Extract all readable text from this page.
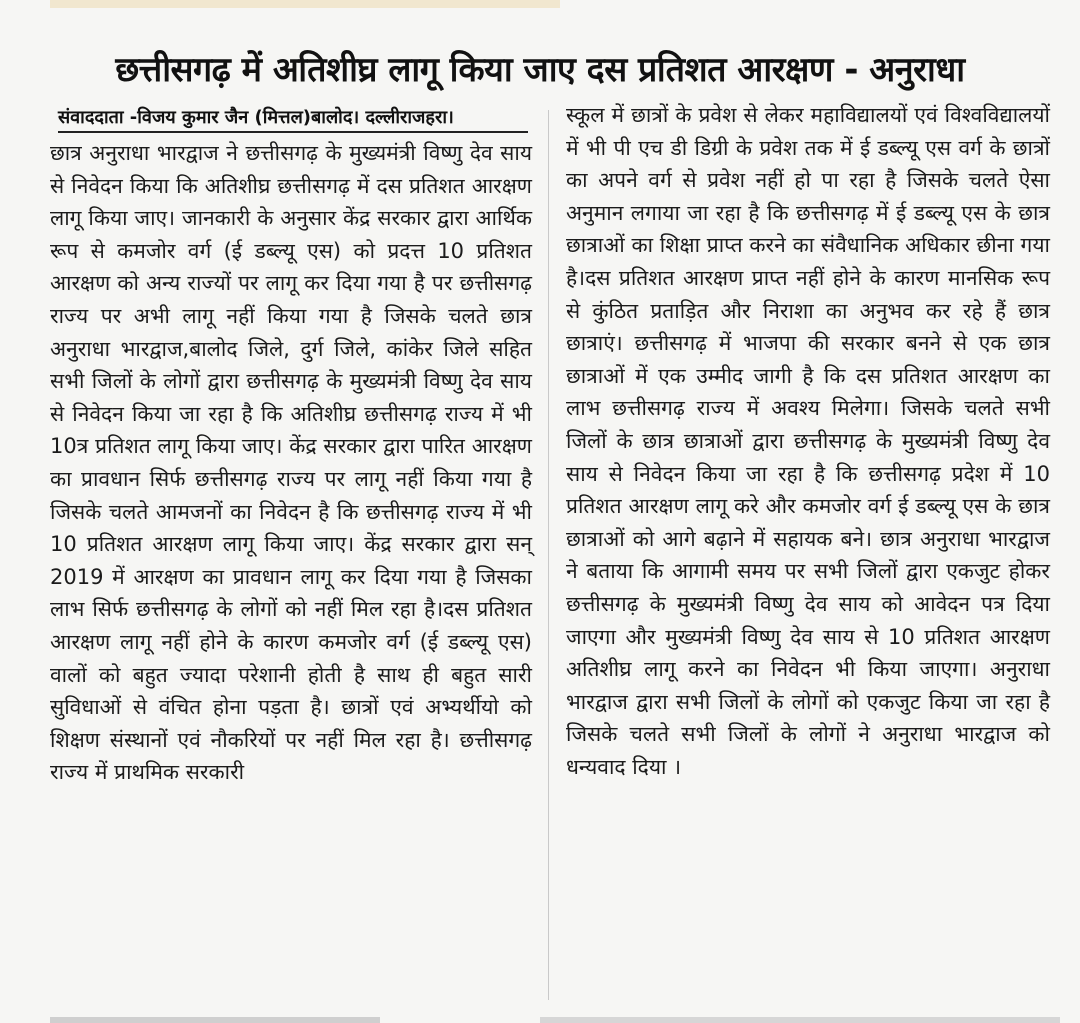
छत्तीसगढ़ में अतिशीघ्र लागू किया जाए दस प्रतिशत आरक्षण - अनुराधा
संवाददाता -विजय कुमार जैन (मित्तल)बालोद। दल्लीराजहरा।
छात्र अनुराधा भारद्वाज ने छत्तीसगढ़ के मुख्यमंत्री विष्णु देव साय से निवेदन किया कि अतिशीघ्र छत्तीसगढ़ में दस प्रतिशत आरक्षण लागू किया जाए। जानकारी के अनुसार केंद्र सरकार द्वारा आर्थिक रूप से कमजोर वर्ग (ई डब्ल्यू एस) को प्रदत्त 10 प्रतिशत आरक्षण को अन्य राज्यों पर लागू कर दिया गया है पर छत्तीसगढ़ राज्य पर अभी लागू नहीं किया गया है जिसके चलते छात्र अनुराधा भारद्वाज,बालोद जिले, दुर्ग जिले, कांकेर जिले सहित सभी जिलों के लोगों द्वारा छत्तीसगढ़ के मुख्यमंत्री विष्णु देव साय से निवेदन किया जा रहा है कि अतिशीघ्र छत्तीसगढ़ राज्य में भी 10त्र प्रतिशत लागू किया जाए। केंद्र सरकार द्वारा पारित आरक्षण का प्रावधान सिर्फ छत्तीसगढ़ राज्य पर लागू नहीं किया गया है जिसके चलते आमजनों का निवेदन है कि छत्तीसगढ़ राज्य में भी 10 प्रतिशत आरक्षण लागू किया जाए। केंद्र सरकार द्वारा सन् 2019 में आरक्षण का प्रावधान लागू कर दिया गया है जिसका लाभ सिर्फ छत्तीसगढ़ के लोगों को नहीं मिल रहा है।दस प्रतिशत आरक्षण लागू नहीं होने के कारण कमजोर वर्ग (ई डब्ल्यू एस) वालों को बहुत ज्यादा परेशानी होती है साथ ही बहुत सारी सुविधाओं से वंचित होना पड़ता है। छात्रों एवं अभ्यर्थीयो को शिक्षण संस्थानों एवं नौकरियों पर नहीं मिल रहा है। छत्तीसगढ़ राज्य में प्राथमिक सरकारी
स्कूल में छात्रों के प्रवेश से लेकर महाविद्यालयों एवं विश्वविद्यालयों में भी पी एच डी डिग्री के प्रवेश तक में ई डब्ल्यू एस वर्ग के छात्रों का अपने वर्ग से प्रवेश नहीं हो पा रहा है जिसके चलते ऐसा अनुमान लगाया जा रहा है कि छत्तीसगढ़ में ई डब्ल्यू एस के छात्र छात्राओं का शिक्षा प्राप्त करने का संवैधानिक अधिकार छीना गया है।दस प्रतिशत आरक्षण प्राप्त नहीं होने के कारण मानसिक रूप से कुंठित प्रताड़ित और निराशा का अनुभव कर रहे हैं छात्र छात्राएं। छत्तीसगढ़ में भाजपा की सरकार बनने से एक छात्र छात्राओं में एक उम्मीद जागी है कि दस प्रतिशत आरक्षण का लाभ छत्तीसगढ़ राज्य में अवश्य मिलेगा। जिसके चलते सभी जिलों के छात्र छात्राओं द्वारा छत्तीसगढ़ के मुख्यमंत्री विष्णु देव साय से निवेदन किया जा रहा है कि छत्तीसगढ़ प्रदेश में 10 प्रतिशत आरक्षण लागू करे और कमजोर वर्ग ई डब्ल्यू एस के छात्र छात्राओं को आगे बढ़ाने में सहायक बने। छात्र अनुराधा भारद्वाज ने बताया कि आगामी समय पर सभी जिलों द्वारा एकजुट होकर छत्तीसगढ़ के मुख्यमंत्री विष्णु देव साय को आवेदन पत्र दिया जाएगा और मुख्यमंत्री विष्णु देव साय से 10 प्रतिशत आरक्षण अतिशीघ्र लागू करने का निवेदन भी किया जाएगा। अनुराधा भारद्वाज द्वारा सभी जिलों के लोगों को एकजुट किया जा रहा है जिसके चलते सभी जिलों के लोगों ने अनुराधा भारद्वाज को धन्यवाद दिया ।
